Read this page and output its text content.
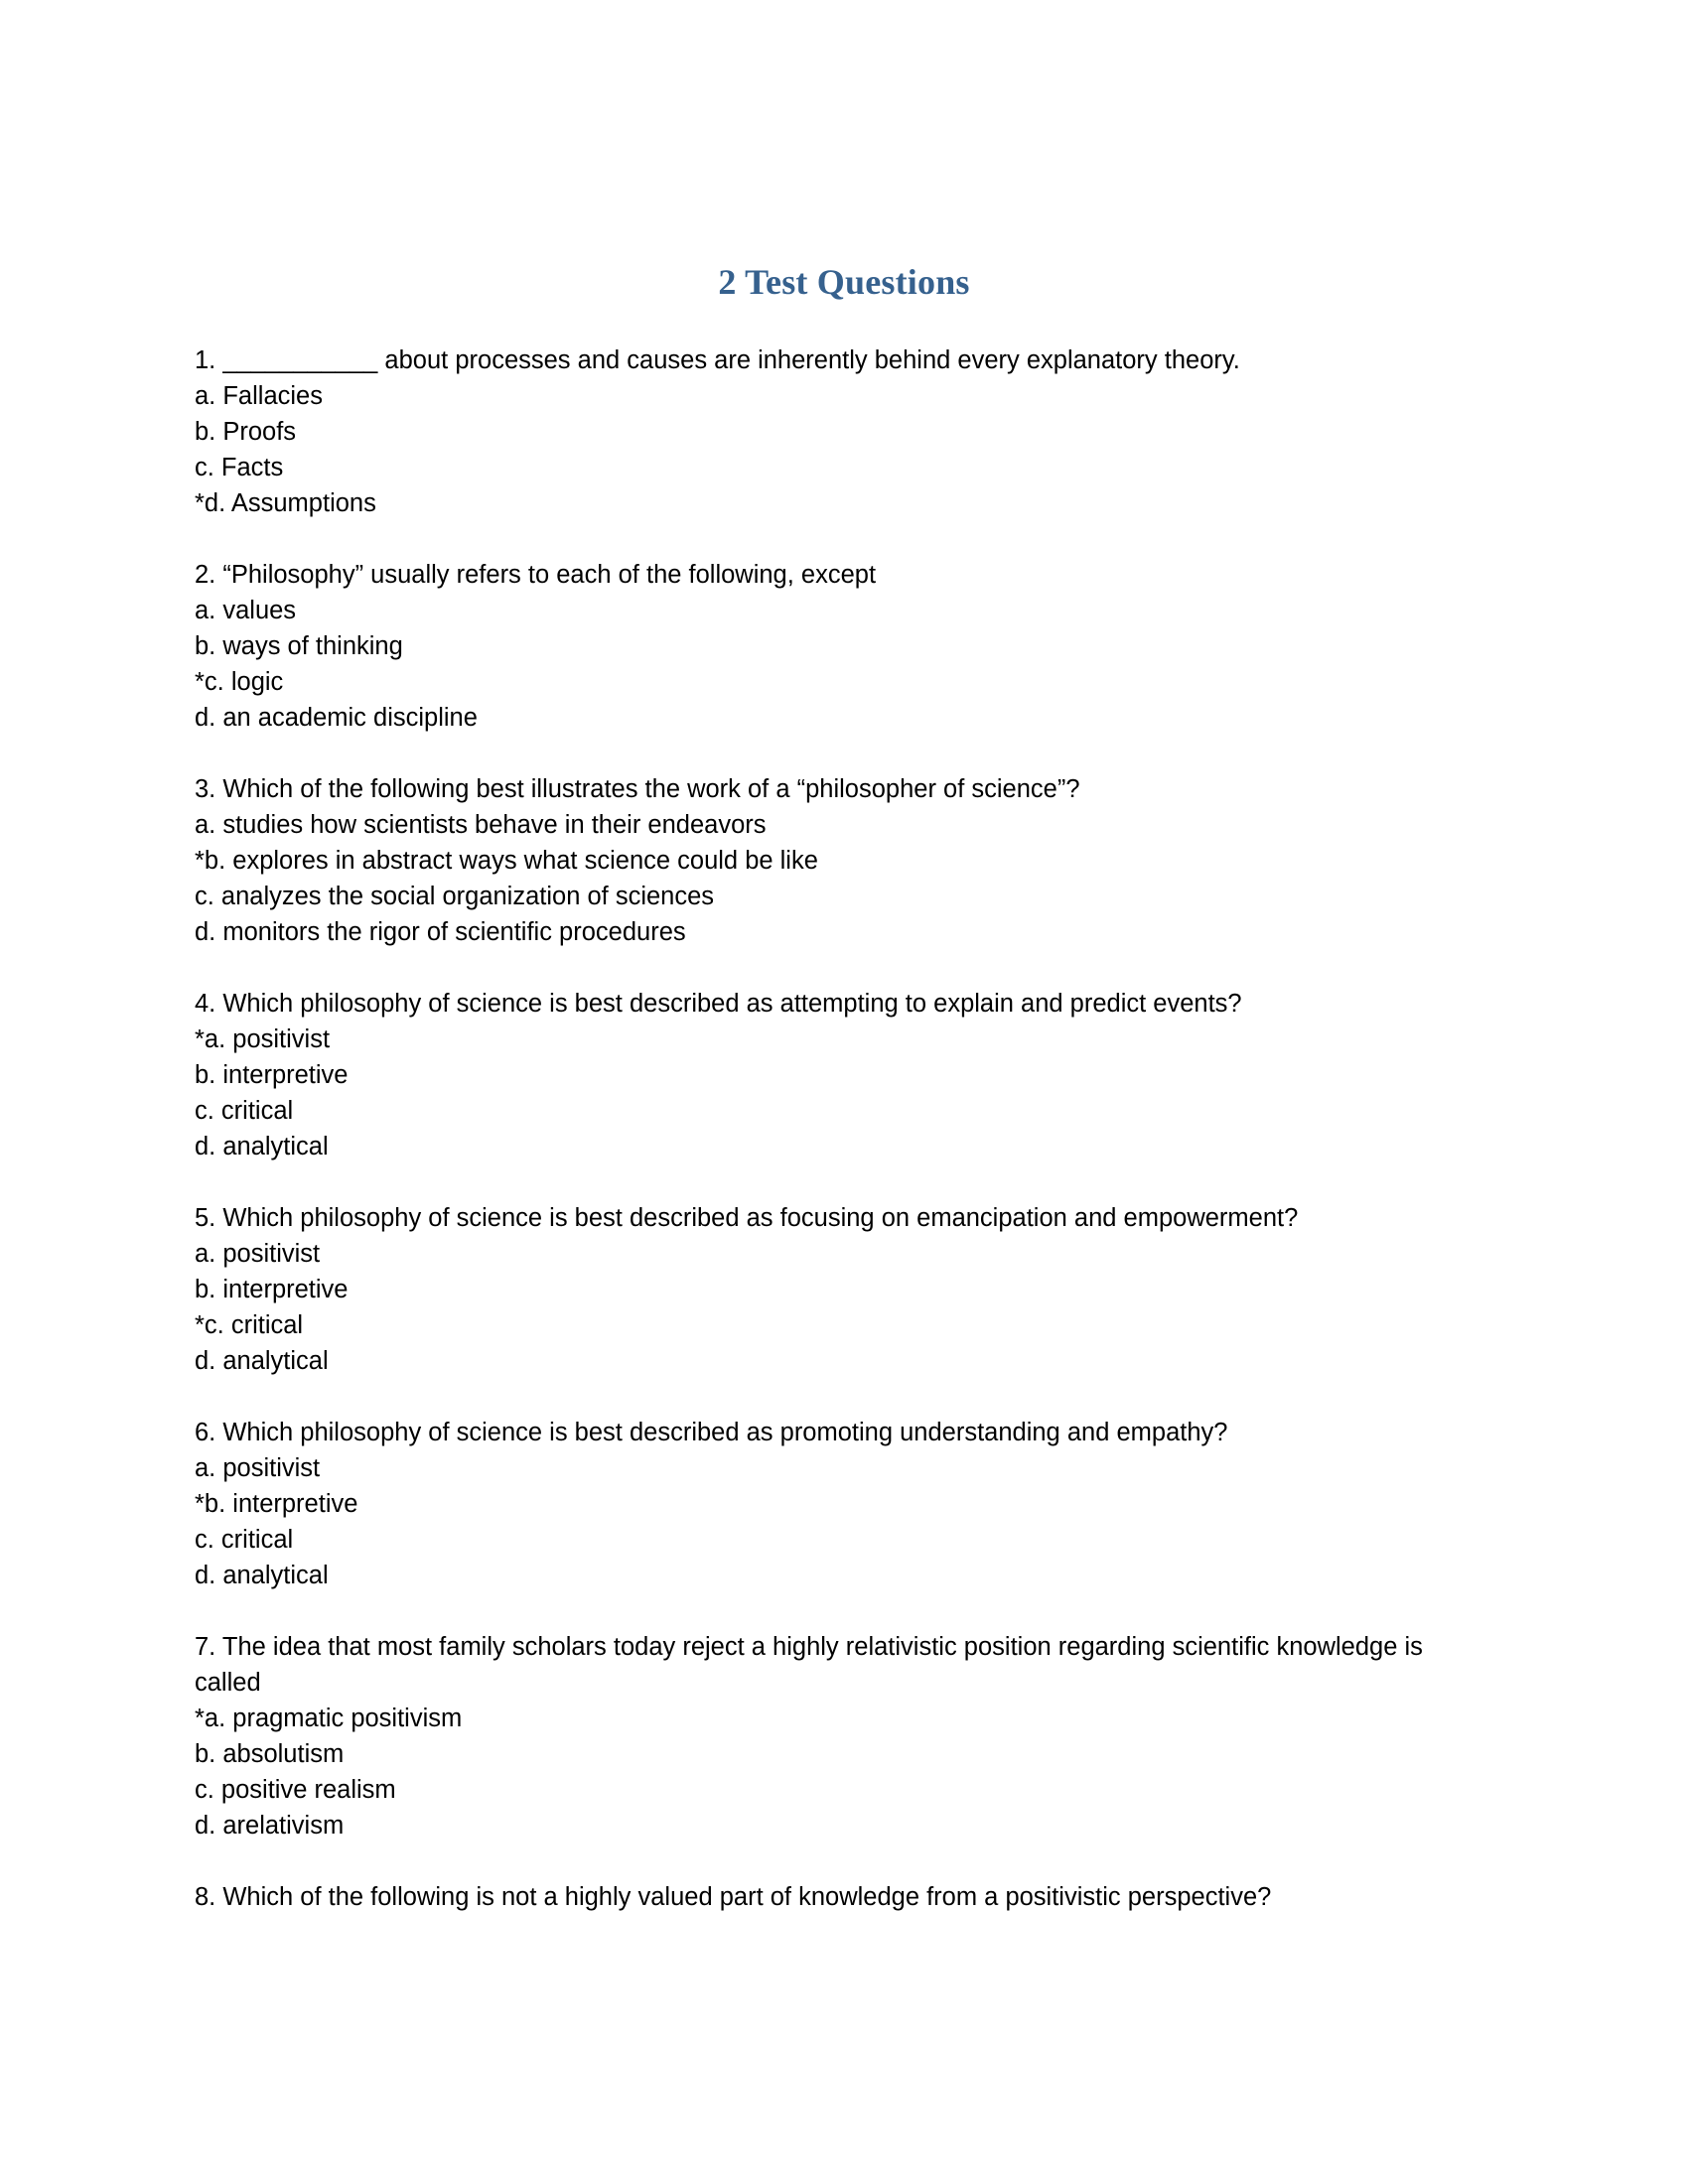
2 Test Questions

1. ___________ about processes and causes are inherently behind every explanatory theory.

a. Fallacies

b. Proofs

c. Facts

*d. Assumptions

2. “Philosophy” usually refers to each of the following, except

a. values

b. ways of thinking

*c. logic

d. an academic discipline

3. Which of the following best illustrates the work of a “philosopher of science”?

a. studies how scientists behave in their endeavors

*b. explores in abstract ways what science could be like

c. analyzes the social organization of sciences

d. monitors the rigor of scientific procedures

4. Which philosophy of science is best described as attempting to explain and predict events?

*a. positivist

b. interpretive

c. critical

d. analytical

5. Which philosophy of science is best described as focusing on emancipation and empowerment?

a. positivist

b. interpretive

*c. critical

d. analytical

6. Which philosophy of science is best described as promoting understanding and empathy?

a. positivist

*b. interpretive

c. critical

d. analytical

7. The idea that most family scholars today reject a highly relativistic position regarding scientific knowledge is called

*a. pragmatic positivism

b. absolutism

c. positive realism

d. arelativism

8. Which of the following is not a highly valued part of knowledge from a positivistic perspective?
